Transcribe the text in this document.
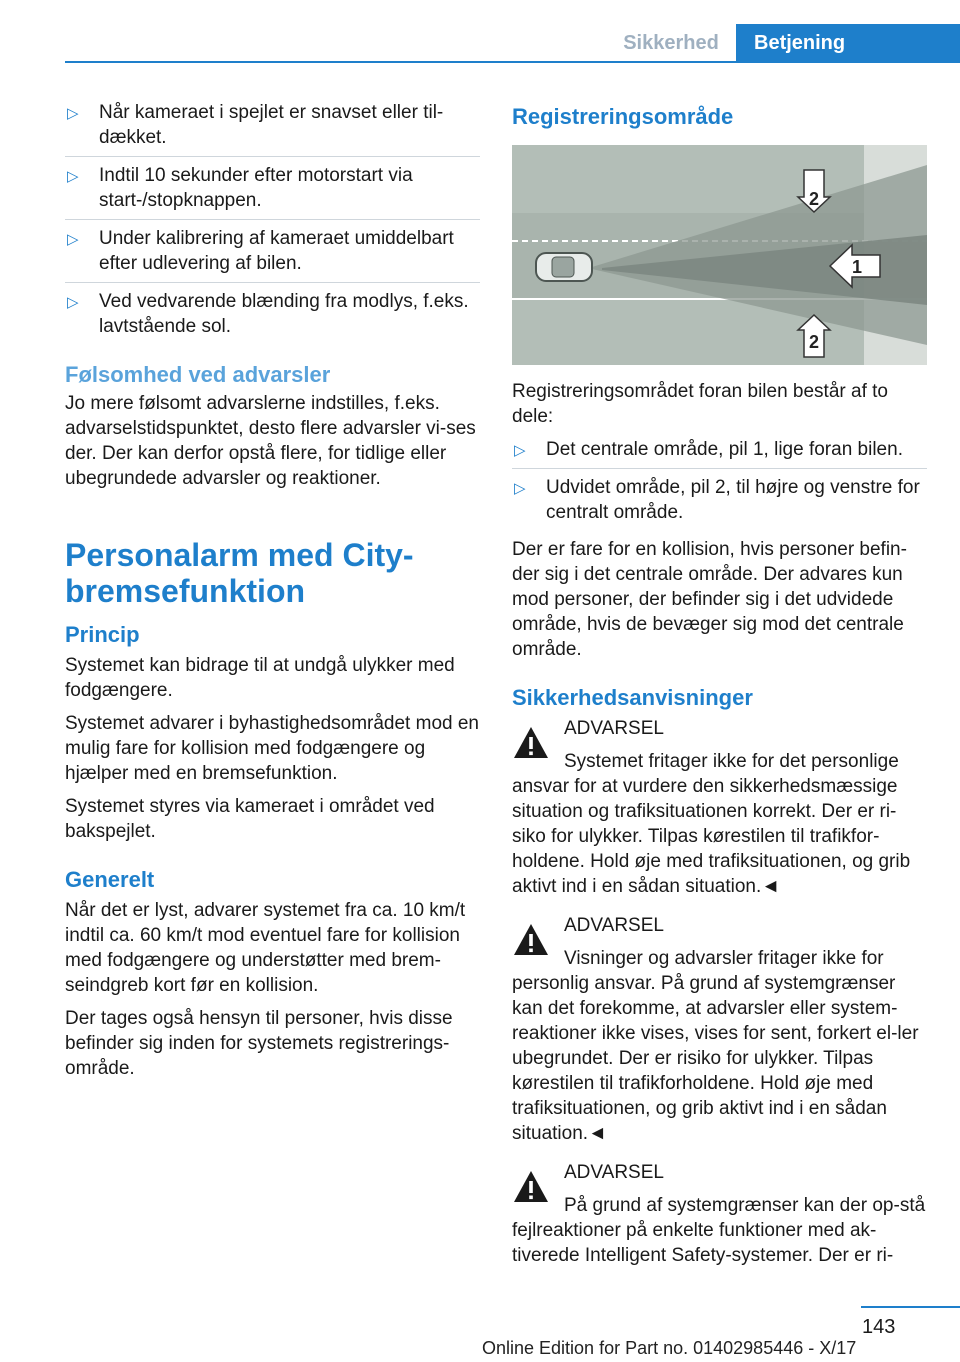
Sikkerhed	Betjening
▷ Når kameraet i spejlet er snavset eller til-dækket.
▷ Indtil 10 sekunder efter motorstart via start-/stopknappen.
▷ Under kalibrering af kameraet umiddelbart efter udlevering af bilen.
▷ Ved vedvarende blænding fra modlys, f.eks. lavtstående sol.
Følsomhed ved advarsler

Jo mere følsomt advarslerne indstilles, f.eks. advarselstidspunktet, desto flere advarsler vi-ses der. Der kan derfor opstå flere, for tidlige eller ubegrundede advarsler og reaktioner.

Personalarm med City-bremsefunktion
Princip

Systemet kan bidrage til at undgå ulykker med fodgængere.

Systemet advarer i byhastighedsområdet mod en mulig fare for kollision med fodgængere og hjælper med en bremsefunktion.

Systemet styres via kameraet i området ved bakspejlet.

Generelt

Når det er lyst, advarer systemet fra ca. 10 km/t indtil ca. 60 km/t mod eventuel fare for kollision med fodgængere og understøtter med brem-seindgreb kort før en kollision.

Der tages også hensyn til personer, hvis disse befinder sig inden for systemets registrerings-område.

Registreringsområde
2
1
2

Registreringsområdet foran bilen består af to dele:

▷ Det centrale område, pil 1, lige foran bilen.
▷ Udvidet område, pil 2, til højre og venstre for centralt område.

Der er fare for en kollision, hvis personer befin-der sig i det centrale område. Der advares kun mod personer, der befinder sig i det udvidede område, hvis de bevæger sig mod det centrale område.

Sikkerhedsanvisninger
ADVARSEL

Systemet fritager ikke for det personlige ansvar for at vurdere den sikkerhedsmæssige situation og trafiksituationen korrekt. Der er ri-siko for ulykker. Tilpas kørestilen til trafikfor-holdene. Hold øje med trafiksituationen, og grib aktivt ind i en sådan situation.◄

ADVARSEL

Visninger og advarsler fritager ikke for personlig ansvar. På grund af systemgrænser kan det forekomme, at advarsler eller system-reaktioner ikke vises, vises for sent, forkert el-ler ubegrundet. Der er risiko for ulykker. Tilpas kørestilen til trafikforholdene. Hold øje med trafiksituationen, og grib aktivt ind i en sådan situation.◄

ADVARSEL

På grund af systemgrænser kan der op-stå fejlreaktioner på enkelte funktioner med ak-tiverede Intelligent Safety-systemer. Der er ri-

143
Online Edition for Part no. 01402985446 - X/17
